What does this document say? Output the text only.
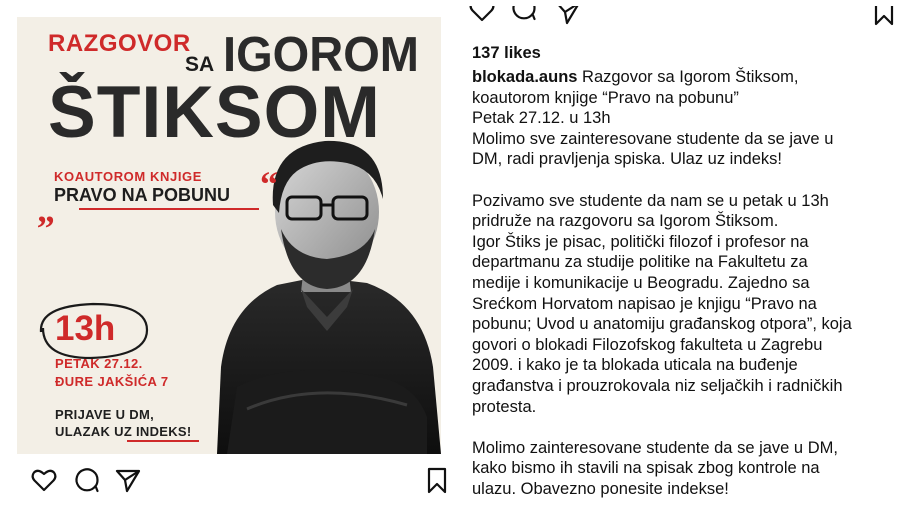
RAZGOVOR
SA IGOROM
ŠTIKSOM
KOAUTOROM KNJIGE
„ PRAVO NA POBUNU “
13h
PETAK 27.12.
ĐURE JAKŠIĆA 7
PRIJAVE U DM,
ULAZAK UZ INDEKS!
137 likes

blokada.auns Razgovor sa Igorom Štiksom,

koautorom knjige “Pravo na pobunu”

Petak 27.12. u 13h

Molimo sve zainteresovane studente da se jave u

DM, radi pravljenja spiska. Ulaz uz indeks!

Pozivamo sve studente da nam se u petak u 13h

pridruže na razgovoru sa Igorom Štiksom.

Igor Štiks je pisac, politički filozof i profesor na

departmanu za studije politike na Fakultetu za

medije i komunikacije u Beogradu. Zajedno sa

Srećkom Horvatom napisao je knjigu “Pravo na

pobunu; Uvod u anatomiju građanskog otpora”, koja

govori o blokadi Filozofskog fakulteta u Zagrebu

2009. i kako je ta blokada uticala na buđenje

građanstva i prouzrokovala niz seljačkih i radničkih

protesta.

Molimo zainteresovane studente da se jave u DM,

kako bismo ih stavili na spisak zbog kontrole na

ulazu. Obavezno ponesite indekse!
